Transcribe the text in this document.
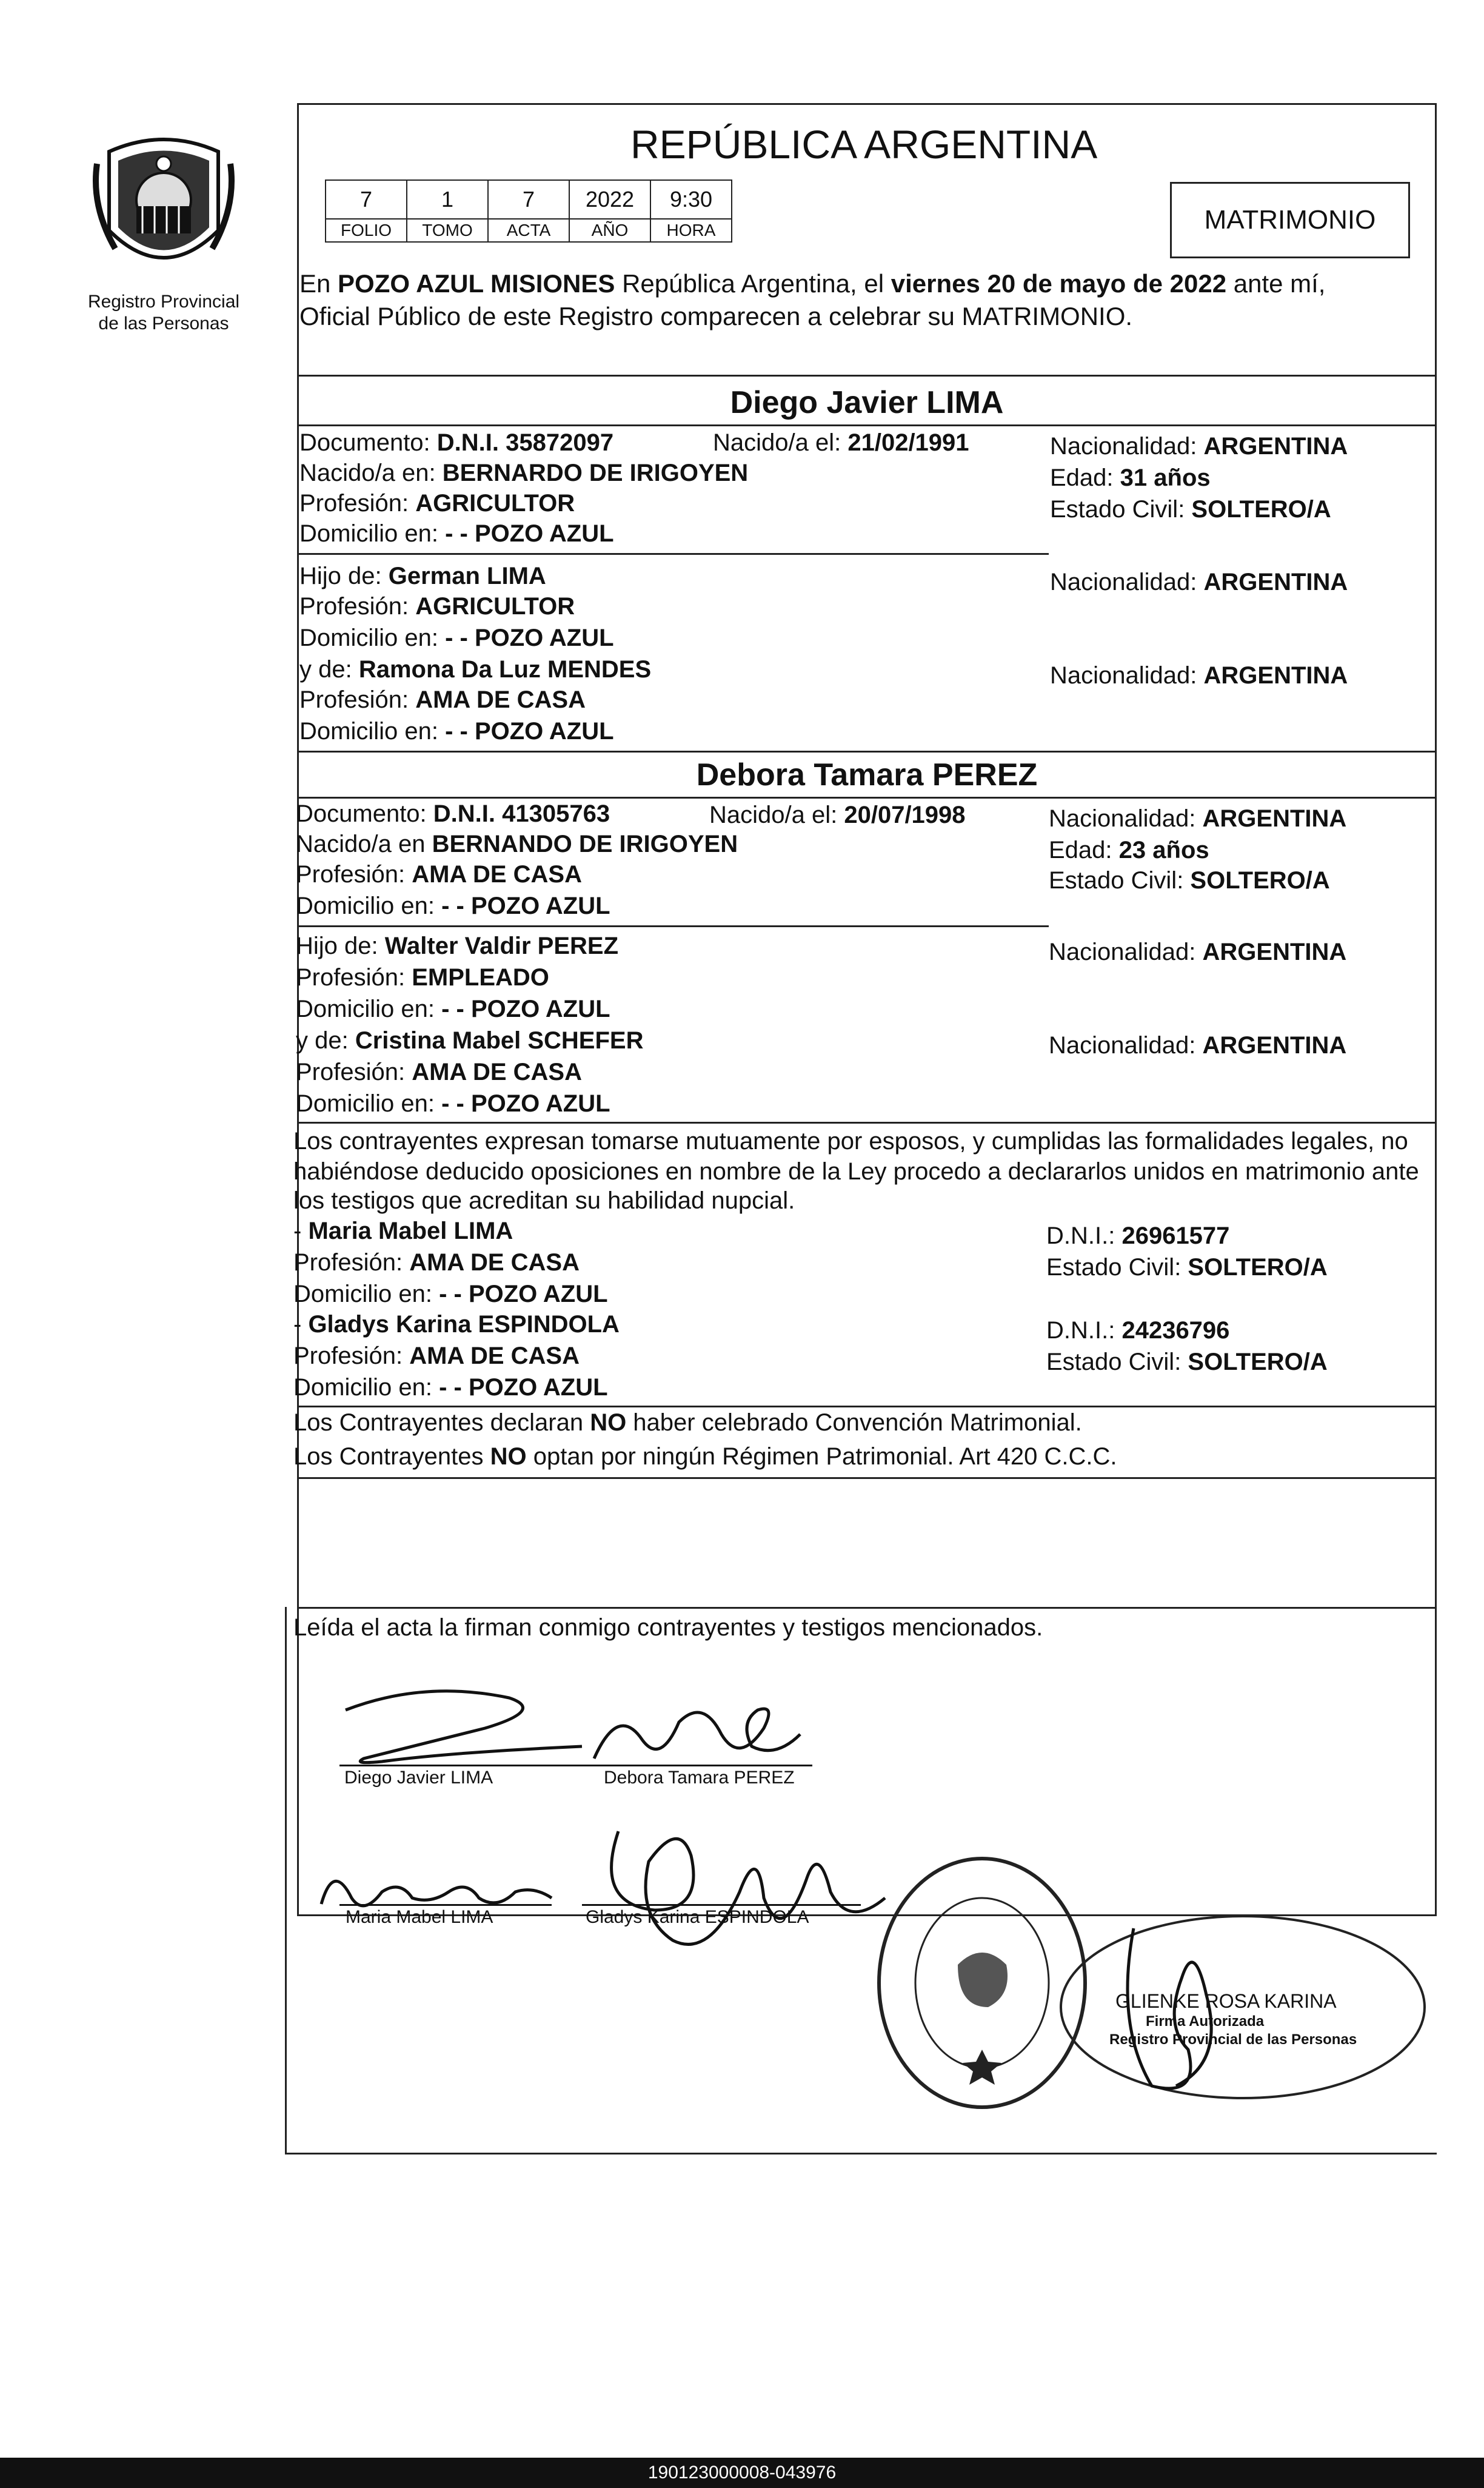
Registro Provincial
de las Personas
REPÚBLICA ARGENTINA
7	1	7	2022	9:30
FOLIO	TOMO	ACTA	AÑO	HORA	MATRIMONIO
En POZO AZUL MISIONES República Argentina, el viernes 20 de mayo de 2022 ante mí,
Oficial Público de este Registro comparecen a celebrar su MATRIMONIO.
Diego Javier LIMA
Documento: D.N.I. 35872097	Nacido/a el: 21/02/1991	Nacionalidad: ARGENTINA
Nacido/a en: BERNARDO DE IRIGOYEN	Edad: 31 años
Profesión: AGRICULTOR	Estado Civil: SOLTERO/A
Domicilio en: - - POZO AZUL
Hijo de: German LIMA	Nacionalidad: ARGENTINA
Profesión: AGRICULTOR
Domicilio en: - - POZO AZUL
y de: Ramona Da Luz MENDES	Nacionalidad: ARGENTINA
Profesión: AMA DE CASA
Domicilio en: - - POZO AZUL
Debora Tamara PEREZ
Documento: D.N.I. 41305763	Nacido/a el: 20/07/1998	Nacionalidad: ARGENTINA
Nacido/a en BERNANDO DE IRIGOYEN	Edad: 23 años
Profesión: AMA DE CASA	Estado Civil: SOLTERO/A
Domicilio en: - - POZO AZUL
Hijo de: Walter Valdir PEREZ	Nacionalidad: ARGENTINA
Profesión: EMPLEADO
Domicilio en: - - POZO AZUL
y de: Cristina Mabel SCHEFER	Nacionalidad: ARGENTINA
Profesión: AMA DE CASA
Domicilio en: - - POZO AZUL
Los contrayentes expresan tomarse mutuamente por esposos, y cumplidas las formalidades legales, no
habiéndose deducido oposiciones en nombre de la Ley procedo a declararlos unidos en matrimonio ante
los testigos que acreditan su habilidad nupcial.
- Maria Mabel LIMA	D.N.I.: 26961577
Profesión: AMA DE CASA	Estado Civil: SOLTERO/A
Domicilio en: - - POZO AZUL
- Gladys Karina ESPINDOLA	D.N.I.: 24236796
Profesión: AMA DE CASA	Estado Civil: SOLTERO/A
Domicilio en: - - POZO AZUL
Los Contrayentes declaran NO haber celebrado Convención Matrimonial.
Los Contrayentes NO optan por ningún Régimen Patrimonial. Art 420 C.C.C.
Leída el acta la firman conmigo contrayentes y testigos mencionados.
Diego Javier LIMA	Debora Tamara PEREZ
Maria Mabel LIMA	Gladys Karina ESPINDOLA
GLIENKE ROSA KARINA
Firma Autorizada
Registro Provincial de las Personas
190123000008-043976
